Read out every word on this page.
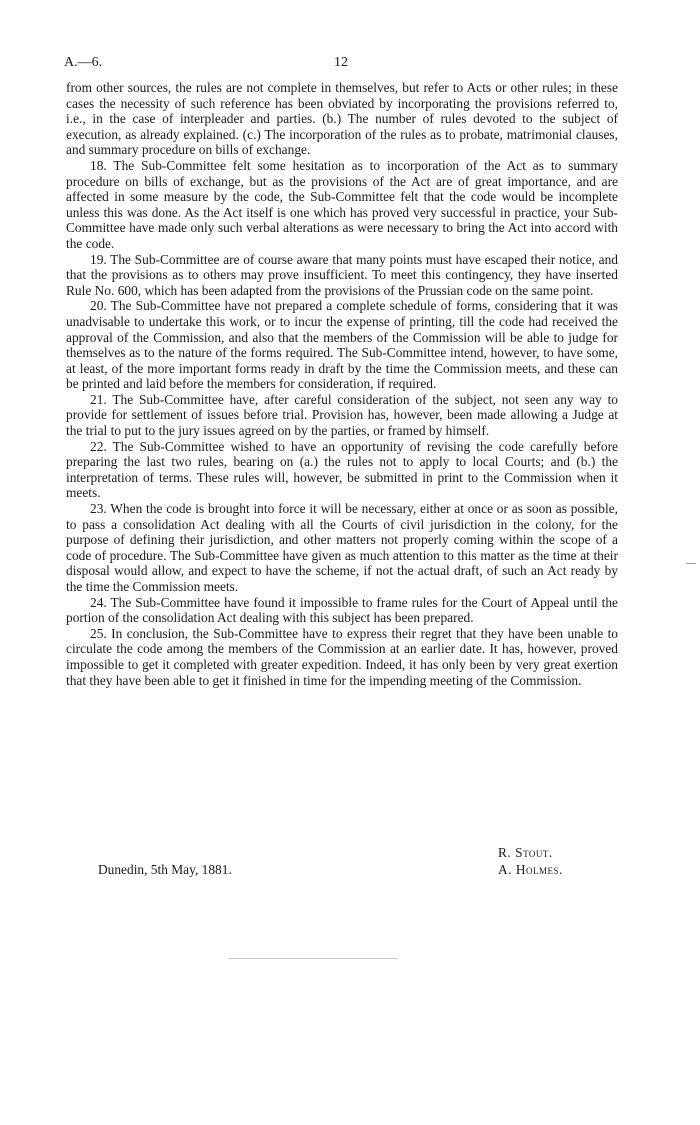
A.—6.	12

from other sources, the rules are not complete in themselves, but refer to Acts or other rules; in these cases the necessity of such reference has been obviated by incorporating the provisions referred to, i.e., in the case of interpleader and parties. (b.) The number of rules devoted to the subject of execution, as already explained. (c.) The incorporation of the rules as to probate, matrimonial clauses, and summary procedure on bills of exchange.

18. The Sub-Committee felt some hesitation as to incorporation of the Act as to summary procedure on bills of exchange, but as the provisions of the Act are of great importance, and are affected in some measure by the code, the Sub-Committee felt that the code would be incomplete unless this was done. As the Act itself is one which has proved very successful in practice, your Sub-Committee have made only such verbal alterations as were necessary to bring the Act into accord with the code.

19. The Sub-Committee are of course aware that many points must have escaped their notice, and that the provisions as to others may prove insufficient. To meet this contingency, they have inserted Rule No. 600, which has been adapted from the provisions of the Prussian code on the same point.

20. The Sub-Committee have not prepared a complete schedule of forms, considering that it was unadvisable to undertake this work, or to incur the expense of printing, till the code had received the approval of the Commission, and also that the members of the Commission will be able to judge for themselves as to the nature of the forms required. The Sub-Committee intend, however, to have some, at least, of the more important forms ready in draft by the time the Commission meets, and these can be printed and laid before the members for consideration, if required.

21. The Sub-Committee have, after careful consideration of the subject, not seen any way to provide for settlement of issues before trial. Provision has, however, been made allowing a Judge at the trial to put to the jury issues agreed on by the parties, or framed by himself.

22. The Sub-Committee wished to have an opportunity of revising the code carefully before preparing the last two rules, bearing on (a.) the rules not to apply to local Courts; and (b.) the interpretation of terms. These rules will, however, be submitted in print to the Commission when it meets.

23. When the code is brought into force it will be necessary, either at once or as soon as possible, to pass a consolidation Act dealing with all the Courts of civil jurisdiction in the colony, for the purpose of defining their jurisdiction, and other matters not properly coming within the scope of a code of procedure. The Sub-Committee have given as much attention to this matter as the time at their disposal would allow, and expect to have the scheme, if not the actual draft, of such an Act ready by the time the Commission meets.

24. The Sub-Committee have found it impossible to frame rules for the Court of Appeal until the portion of the consolidation Act dealing with this subject has been prepared.

25. In conclusion, the Sub-Committee have to express their regret that they have been unable to circulate the code among the members of the Commission at an earlier date. It has, however, proved impossible to get it completed with greater expedition. Indeed, it has only been by very great exertion that they have been able to get it finished in time for the impending meeting of the Commission.

R. Stout.
Dunedin, 5th May, 1881.	A. Holmes.
